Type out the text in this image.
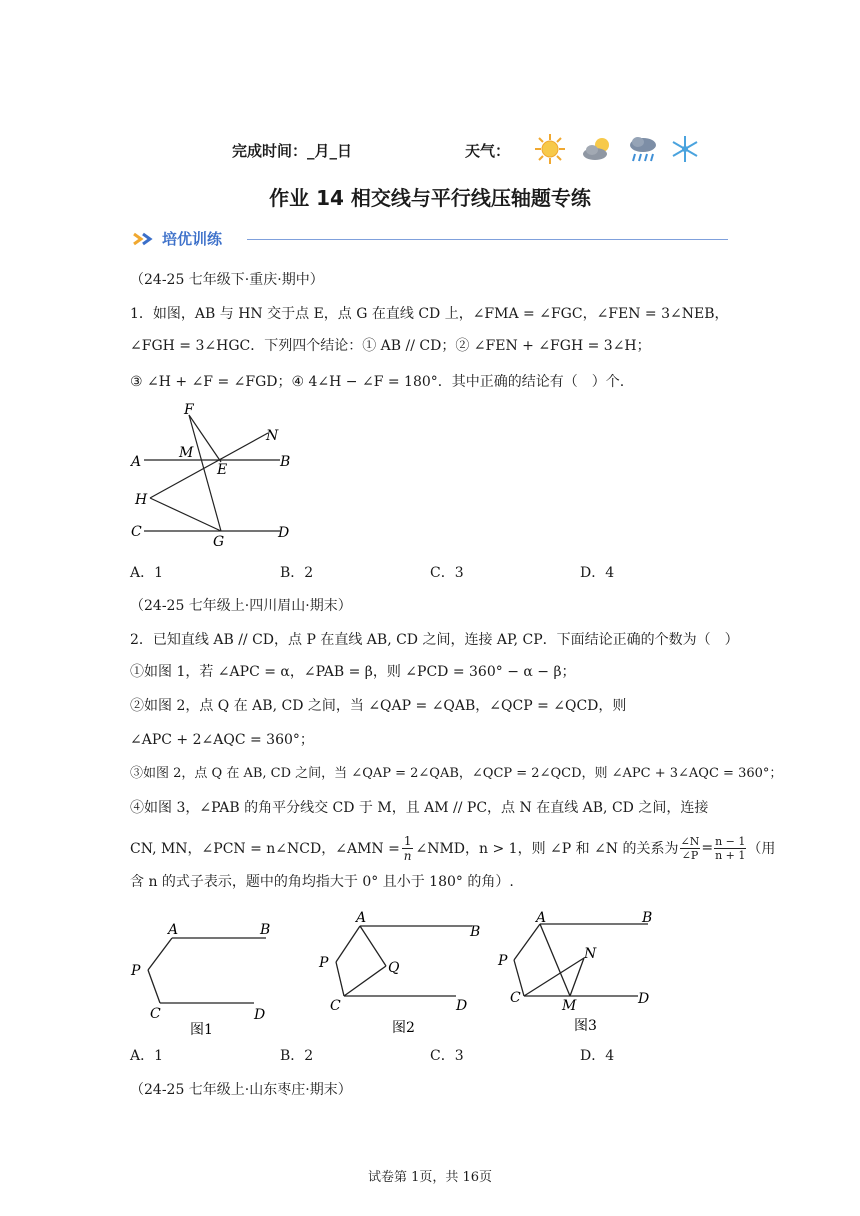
完成时间：_月_日	天气：
作业 14 相交线与平行线压轴题专练
培优训练
（24-25 七年级下·重庆·期中）
1．如图，AB 与 HN 交于点 E，点 G 在直线 CD 上，∠FMA = ∠FGC，∠FEN = 3∠NEB，
∠FGH = 3∠HGC．下列四个结论：① AB // CD；② ∠FEN + ∠FGH = 3∠H；
③ ∠H + ∠F = ∠FGD；④ 4∠H − ∠F = 180°．其中正确的结论有（　）个.
F
N
M
A	E	B
H
C
G
D
A．1	B．2	C．3	D．4
（24-25 七年级上·四川眉山·期末）
2．已知直线 AB // CD，点 P 在直线 AB, CD 之间，连接 AP, CP．下面结论正确的个数为（　）
①如图 1，若 ∠APC = α，∠PAB = β，则 ∠PCD = 360° − α − β；
②如图 2，点 Q 在 AB, CD 之间，当 ∠QAP = ∠QAB，∠QCP = ∠QCD，则
∠APC + 2∠AQC = 360°；
③如图 2，点 Q 在 AB, CD 之间，当 ∠QAP = 2∠QAB，∠QCP = 2∠QCD，则 ∠APC + 3∠AQC = 360°；
④如图 3，∠PAB 的角平分线交 CD 于 M，且 AM // PC，点 N 在直线 AB, CD 之间，连接
CN, MN，∠PCN = n∠NCD，∠AMN = $\frac{1}{n}$ ∠NMD，n > 1，则 ∠P 和 ∠N 的关系为 $\frac{\angle N}{\angle P} = \frac{n - 1}{n + 1}$ （用
含 n 的式子表示，题中的角均指大于 0° 且小于 180° 的角）.
A	B
P
C	D
图1
A
B
P	Q
C	D
图2
A	B
P	N
C	M	D
图3
A．1	B．2	C．3	D．4
（24-25 七年级上·山东枣庄·期末）
试卷第 1页，共 16页
